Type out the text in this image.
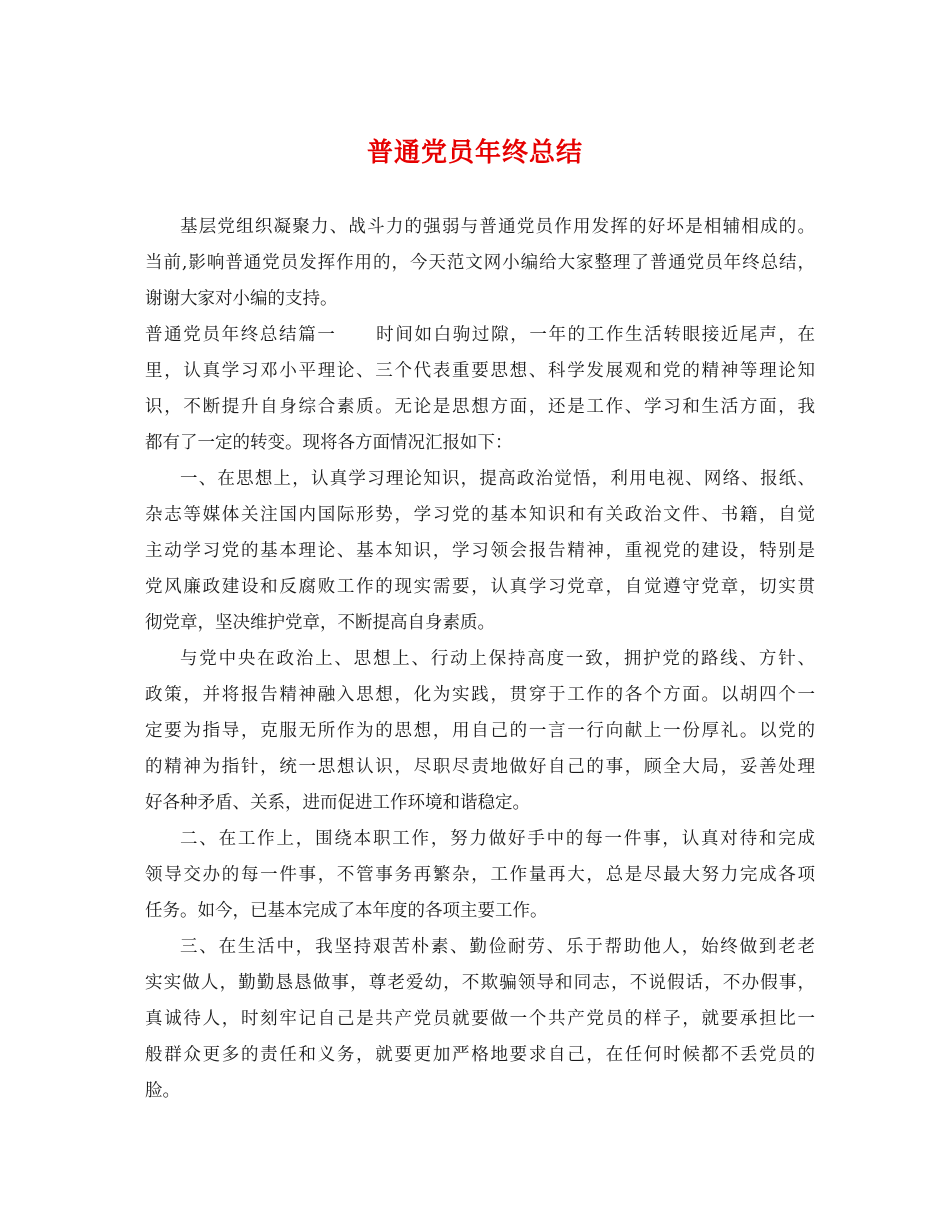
普通党员年终总结
基层党组织凝聚力、战斗力的强弱与普通党员作用发挥的好坏是相辅相成的。
当前,影响普通党员发挥作用的，今天范文网小编给大家整理了普通党员年终总结，
谢谢大家对小编的支持。
普通党员年终总结篇一 时间如白驹过隙，一年的工作生活转眼接近尾声，在
里，认真学习邓小平理论、三个代表重要思想、科学发展观和党的精神等理论知
识，不断提升自身综合素质。无论是思想方面，还是工作、学习和生活方面，我
都有了一定的转变。现将各方面情况汇报如下：
一、在思想上，认真学习理论知识，提高政治觉悟，利用电视、网络、报纸、
杂志等媒体关注国内国际形势，学习党的基本知识和有关政治文件、书籍，自觉
主动学习党的基本理论、基本知识，学习领会报告精神，重视党的建设，特别是
党风廉政建设和反腐败工作的现实需要，认真学习党章，自觉遵守党章，切实贯
彻党章，坚决维护党章，不断提高自身素质。
与党中央在政治上、思想上、行动上保持高度一致，拥护党的路线、方针、
政策，并将报告精神融入思想，化为实践，贯穿于工作的各个方面。以胡四个一
定要为指导，克服无所作为的思想，用自己的一言一行向献上一份厚礼。以党的
的精神为指针，统一思想认识，尽职尽责地做好自己的事，顾全大局，妥善处理
好各种矛盾、关系，进而促进工作环境和谐稳定。
二、在工作上，围绕本职工作，努力做好手中的每一件事，认真对待和完成
领导交办的每一件事，不管事务再繁杂，工作量再大，总是尽最大努力完成各项
任务。如今，已基本完成了本年度的各项主要工作。
三、在生活中，我坚持艰苦朴素、勤俭耐劳、乐于帮助他人，始终做到老老
实实做人，勤勤恳恳做事，尊老爱幼，不欺骗领导和同志，不说假话，不办假事，
真诚待人，时刻牢记自己是共产党员就要做一个共产党员的样子，就要承担比一
般群众更多的责任和义务，就要更加严格地要求自己，在任何时候都不丢党员的
脸。
